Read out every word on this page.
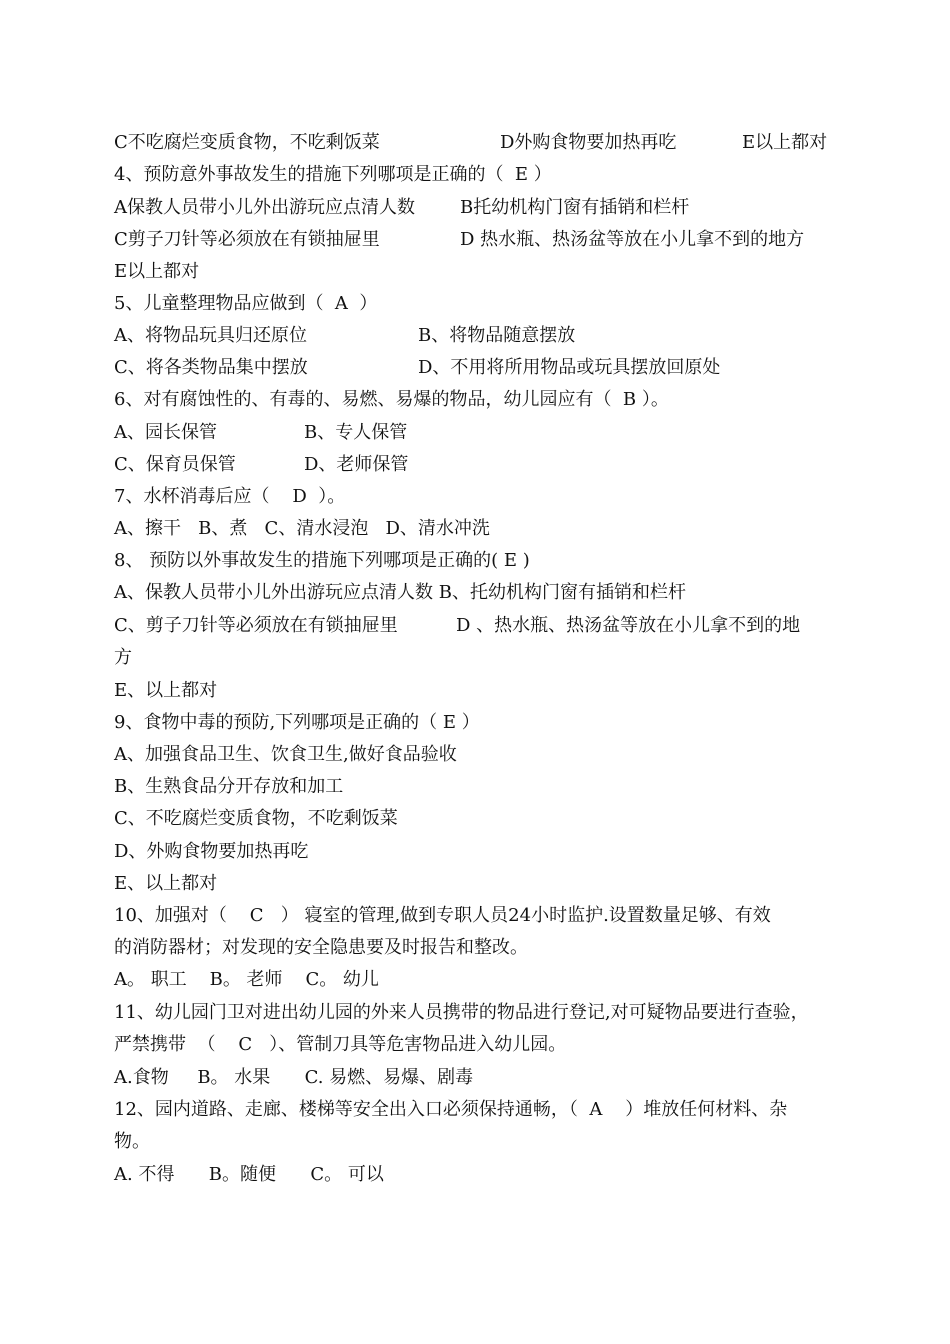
C不吃腐烂变质食物，不吃剩饭菜

	D外购食物要加热再吃

	E以上都对

4、预防意外事故发生的措施下列哪项是正确的（  E ）

A保教人员带小儿外出游玩应点清人数

	B托幼机构门窗有插销和栏杆

C剪子刀针等必须放在有锁抽屉里

	D 热水瓶、热汤盆等放在小儿拿不到的地方

E以上都对
5、儿童整理物品应做到（  A  ）

A、将物品玩具归还原位

	B、将物品随意摆放

C、将各类物品集中摆放

	D、不用将所用物品或玩具摆放回原处

6、对有腐蚀性的、有毒的、易燃、易爆的物品，幼儿园应有（  B ）。

A、园长保管

	B、专人保管

C、保育员保管

	D、老师保管

7、水杯消毒后应（    D  ）。
A、擦干   B、煮   C、清水浸泡   D、清水冲洗
8、 预防以外事故发生的措施下列哪项是正确的( E )
A、保教人员带小儿外出游玩应点清人数 B、托幼机构门窗有插销和栏杆

C、剪子刀针等必须放在有锁抽屉里

	D 、热水瓶、热汤盆等放在小儿拿不到的地

方
E、以上都对
9、食物中毒的预防,下列哪项是正确的（ E ）
A、加强食品卫生、饮食卫生,做好食品验收
B、生熟食品分开存放和加工
C、不吃腐烂变质食物，不吃剩饭菜
D、外购食物要加热再吃
E、以上都对
10、加强对（    C   ） 寝室的管理,做到专职人员24小时监护.设置数量足够、有效
的消防器材；对发现的安全隐患要及时报告和整改。
A。 职工    B。 老师    C。 幼儿
11、幼儿园门卫对进出幼儿园的外来人员携带的物品进行登记,对可疑物品要进行查验，
严禁携带  （    C   ）、管制刀具等危害物品进入幼儿园。
A.食物     B。 水果      C. 易燃、易爆、剧毒
12、园内道路、走廊、楼梯等安全出入口必须保持通畅，（  A    ）堆放任何材料、杂
物。
A. 不得      B。随便      C。 可以
